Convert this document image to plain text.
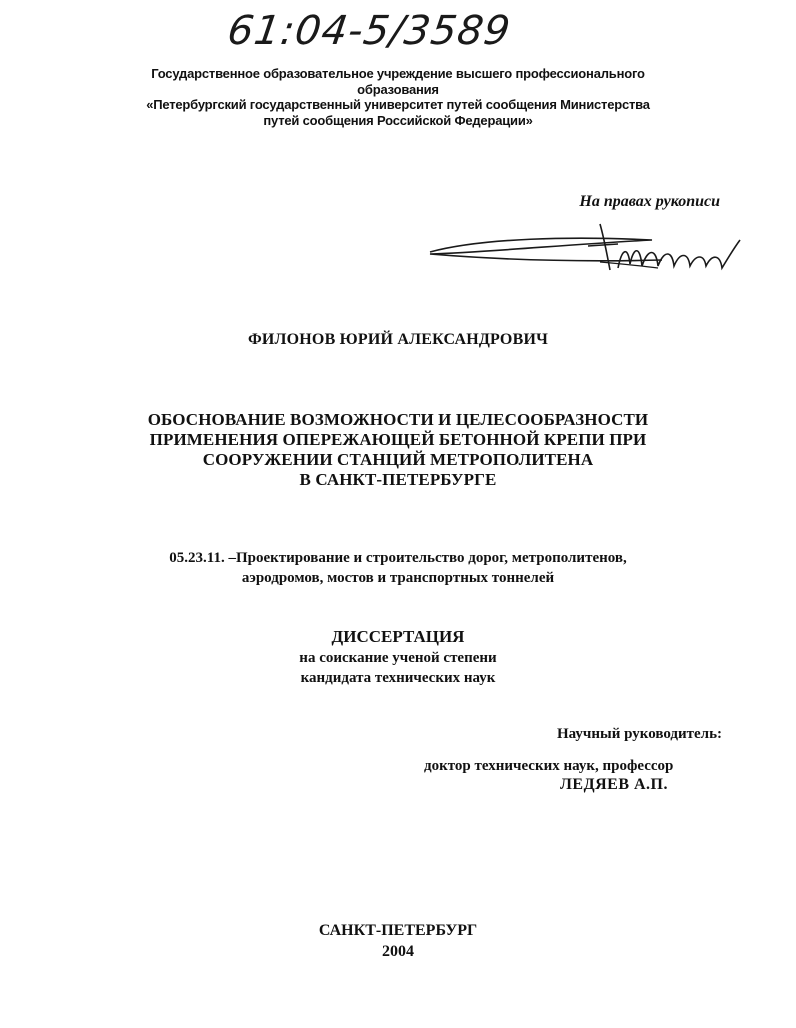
61:04-5/3589
Государственное образовательное учреждение высшего профессионального
образования
«Петербургский государственный университет путей сообщения Министерства
путей сообщения Российской Федерации»
На правах рукописи
ФИЛОНОВ ЮРИЙ АЛЕКСАНДРОВИЧ
ОБОСНОВАНИЕ ВОЗМОЖНОСТИ И ЦЕЛЕСООБРАЗНОСТИ
ПРИМЕНЕНИЯ ОПЕРЕЖАЮЩЕЙ БЕТОННОЙ КРЕПИ ПРИ
СООРУЖЕНИИ СТАНЦИЙ МЕТРОПОЛИТЕНА
В САНКТ-ПЕТЕРБУРГЕ
05.23.11. –Проектирование и строительство дорог, метрополитенов,
аэродромов, мостов и транспортных тоннелей
ДИССЕРТАЦИЯ
на соискание ученой степени
кандидата технических наук
Научный руководитель:
доктор технических наук, профессор
ЛЕДЯЕВ А.П.
САНКТ-ПЕТЕРБУРГ
2004
